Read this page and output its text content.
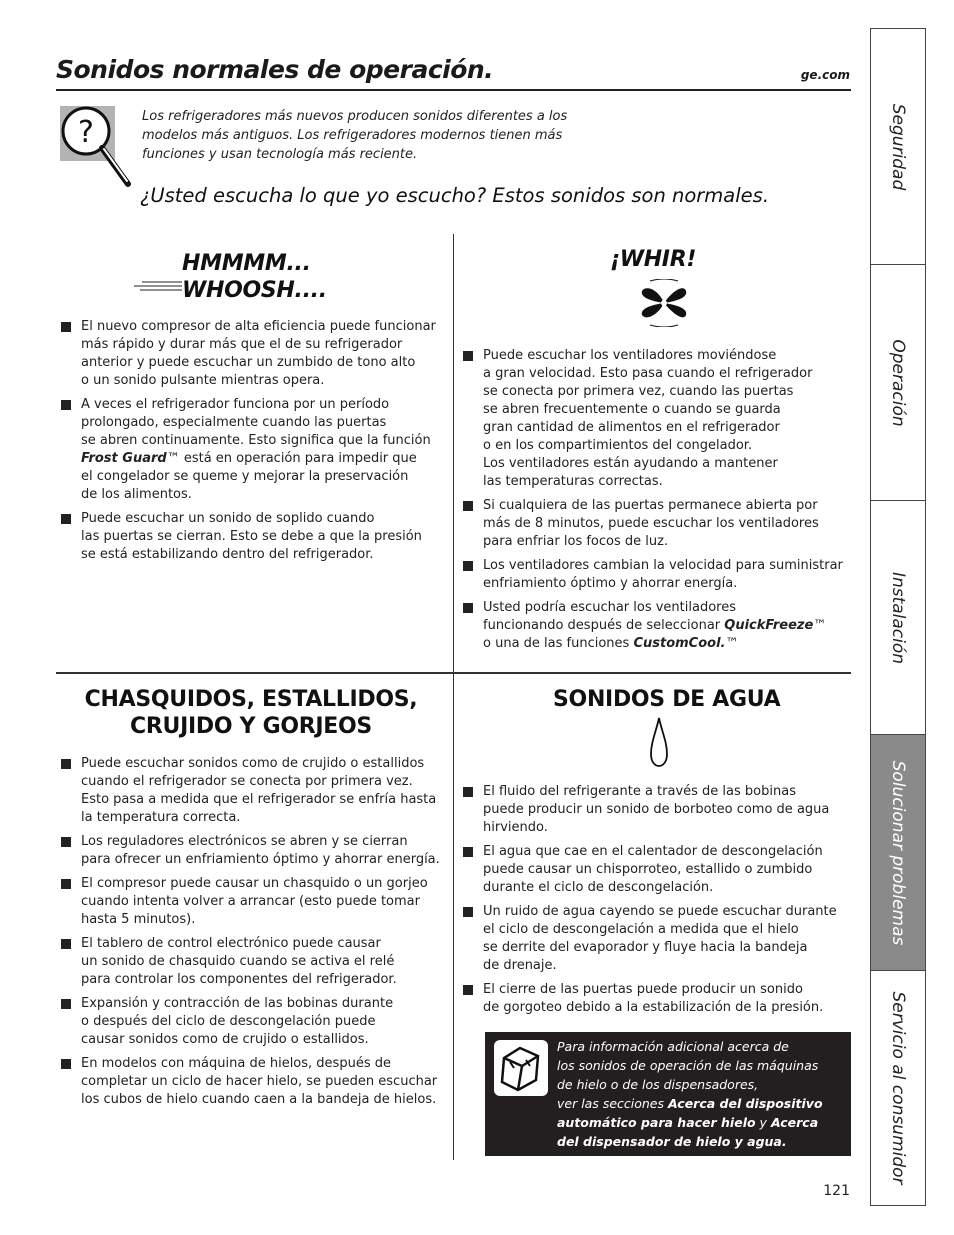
Sonidos normales de operación.	ge.com
?	Los refrigeradores más nuevos producen sonidos diferentes a los modelos más antiguos. Los refrigeradores modernos tienen más funciones y usan tecnología más reciente.
¿Usted escucha lo que yo escucho? Estos sonidos son normales.
HMMMM...
WHOOSH....
El nuevo compresor de alta eficiencia puede funcionar
más rápido y durar más que el de su refrigerador
anterior y puede escuchar un zumbido de tono alto
o un sonido pulsante mientras opera.
A veces el refrigerador funciona por un período
prolongado, especialmente cuando las puertas
se abren continuamente. Esto significa que la función
Frost Guard™ está en operación para impedir que
el congelador se queme y mejorar la preservación
de los alimentos.
Puede escuchar un sonido de soplido cuando
las puertas se cierran. Esto se debe a que la presión
se está estabilizando dentro del refrigerador.
¡WHIR!
Puede escuchar los ventiladores moviéndose
a gran velocidad. Esto pasa cuando el refrigerador
se conecta por primera vez, cuando las puertas
se abren frecuentemente o cuando se guarda
gran cantidad de alimentos en el refrigerador
o en los compartimientos del congelador.
Los ventiladores están ayudando a mantener
las temperaturas correctas.
Si cualquiera de las puertas permanece abierta por
más de 8 minutos, puede escuchar los ventiladores
para enfriar los focos de luz.
Los ventiladores cambian la velocidad para suministrar
enfriamiento óptimo y ahorrar energía.
Usted podría escuchar los ventiladores
funcionando después de seleccionar QuickFreeze™
o una de las funciones CustomCool.™
CHASQUIDOS, ESTALLIDOS,
CRUJIDO Y GORJEOS
Puede escuchar sonidos como de crujido o estallidos
cuando el refrigerador se conecta por primera vez.
Esto pasa a medida que el refrigerador se enfría hasta
la temperatura correcta.
Los reguladores electrónicos se abren y se cierran
para ofrecer un enfriamiento óptimo y ahorrar energía.
El compresor puede causar un chasquido o un gorjeo
cuando intenta volver a arrancar (esto puede tomar
hasta 5 minutos).
El tablero de control electrónico puede causar
un sonido de chasquido cuando se activa el relé
para controlar los componentes del refrigerador.
Expansión y contracción de las bobinas durante
o después del ciclo de descongelación puede
causar sonidos como de crujido o estallidos.
En modelos con máquina de hielos, después de
completar un ciclo de hacer hielo, se pueden escuchar
los cubos de hielo cuando caen a la bandeja de hielos.
SONIDOS DE AGUA
El fluido del refrigerante a través de las bobinas
puede producir un sonido de borboteo como de agua
hirviendo.
El agua que cae en el calentador de descongelación
puede causar un chisporroteo, estallido o zumbido
durante el ciclo de descongelación.
Un ruido de agua cayendo se puede escuchar durante
el ciclo de descongelación a medida que el hielo
se derrite del evaporador y fluye hacia la bandeja
de drenaje.
El cierre de las puertas puede producir un sonido
de gorgoteo debido a la estabilización de la presión.
Para información adicional acerca de
los sonidos de operación de las máquinas
de hielo o de los dispensadores,
ver las secciones Acerca del dispositivo
automático para hacer hielo y Acerca
del dispensador de hielo y agua.
121
Seguridad
Operación
Instalación
Solucionar problemas
Servicio al consumidor
